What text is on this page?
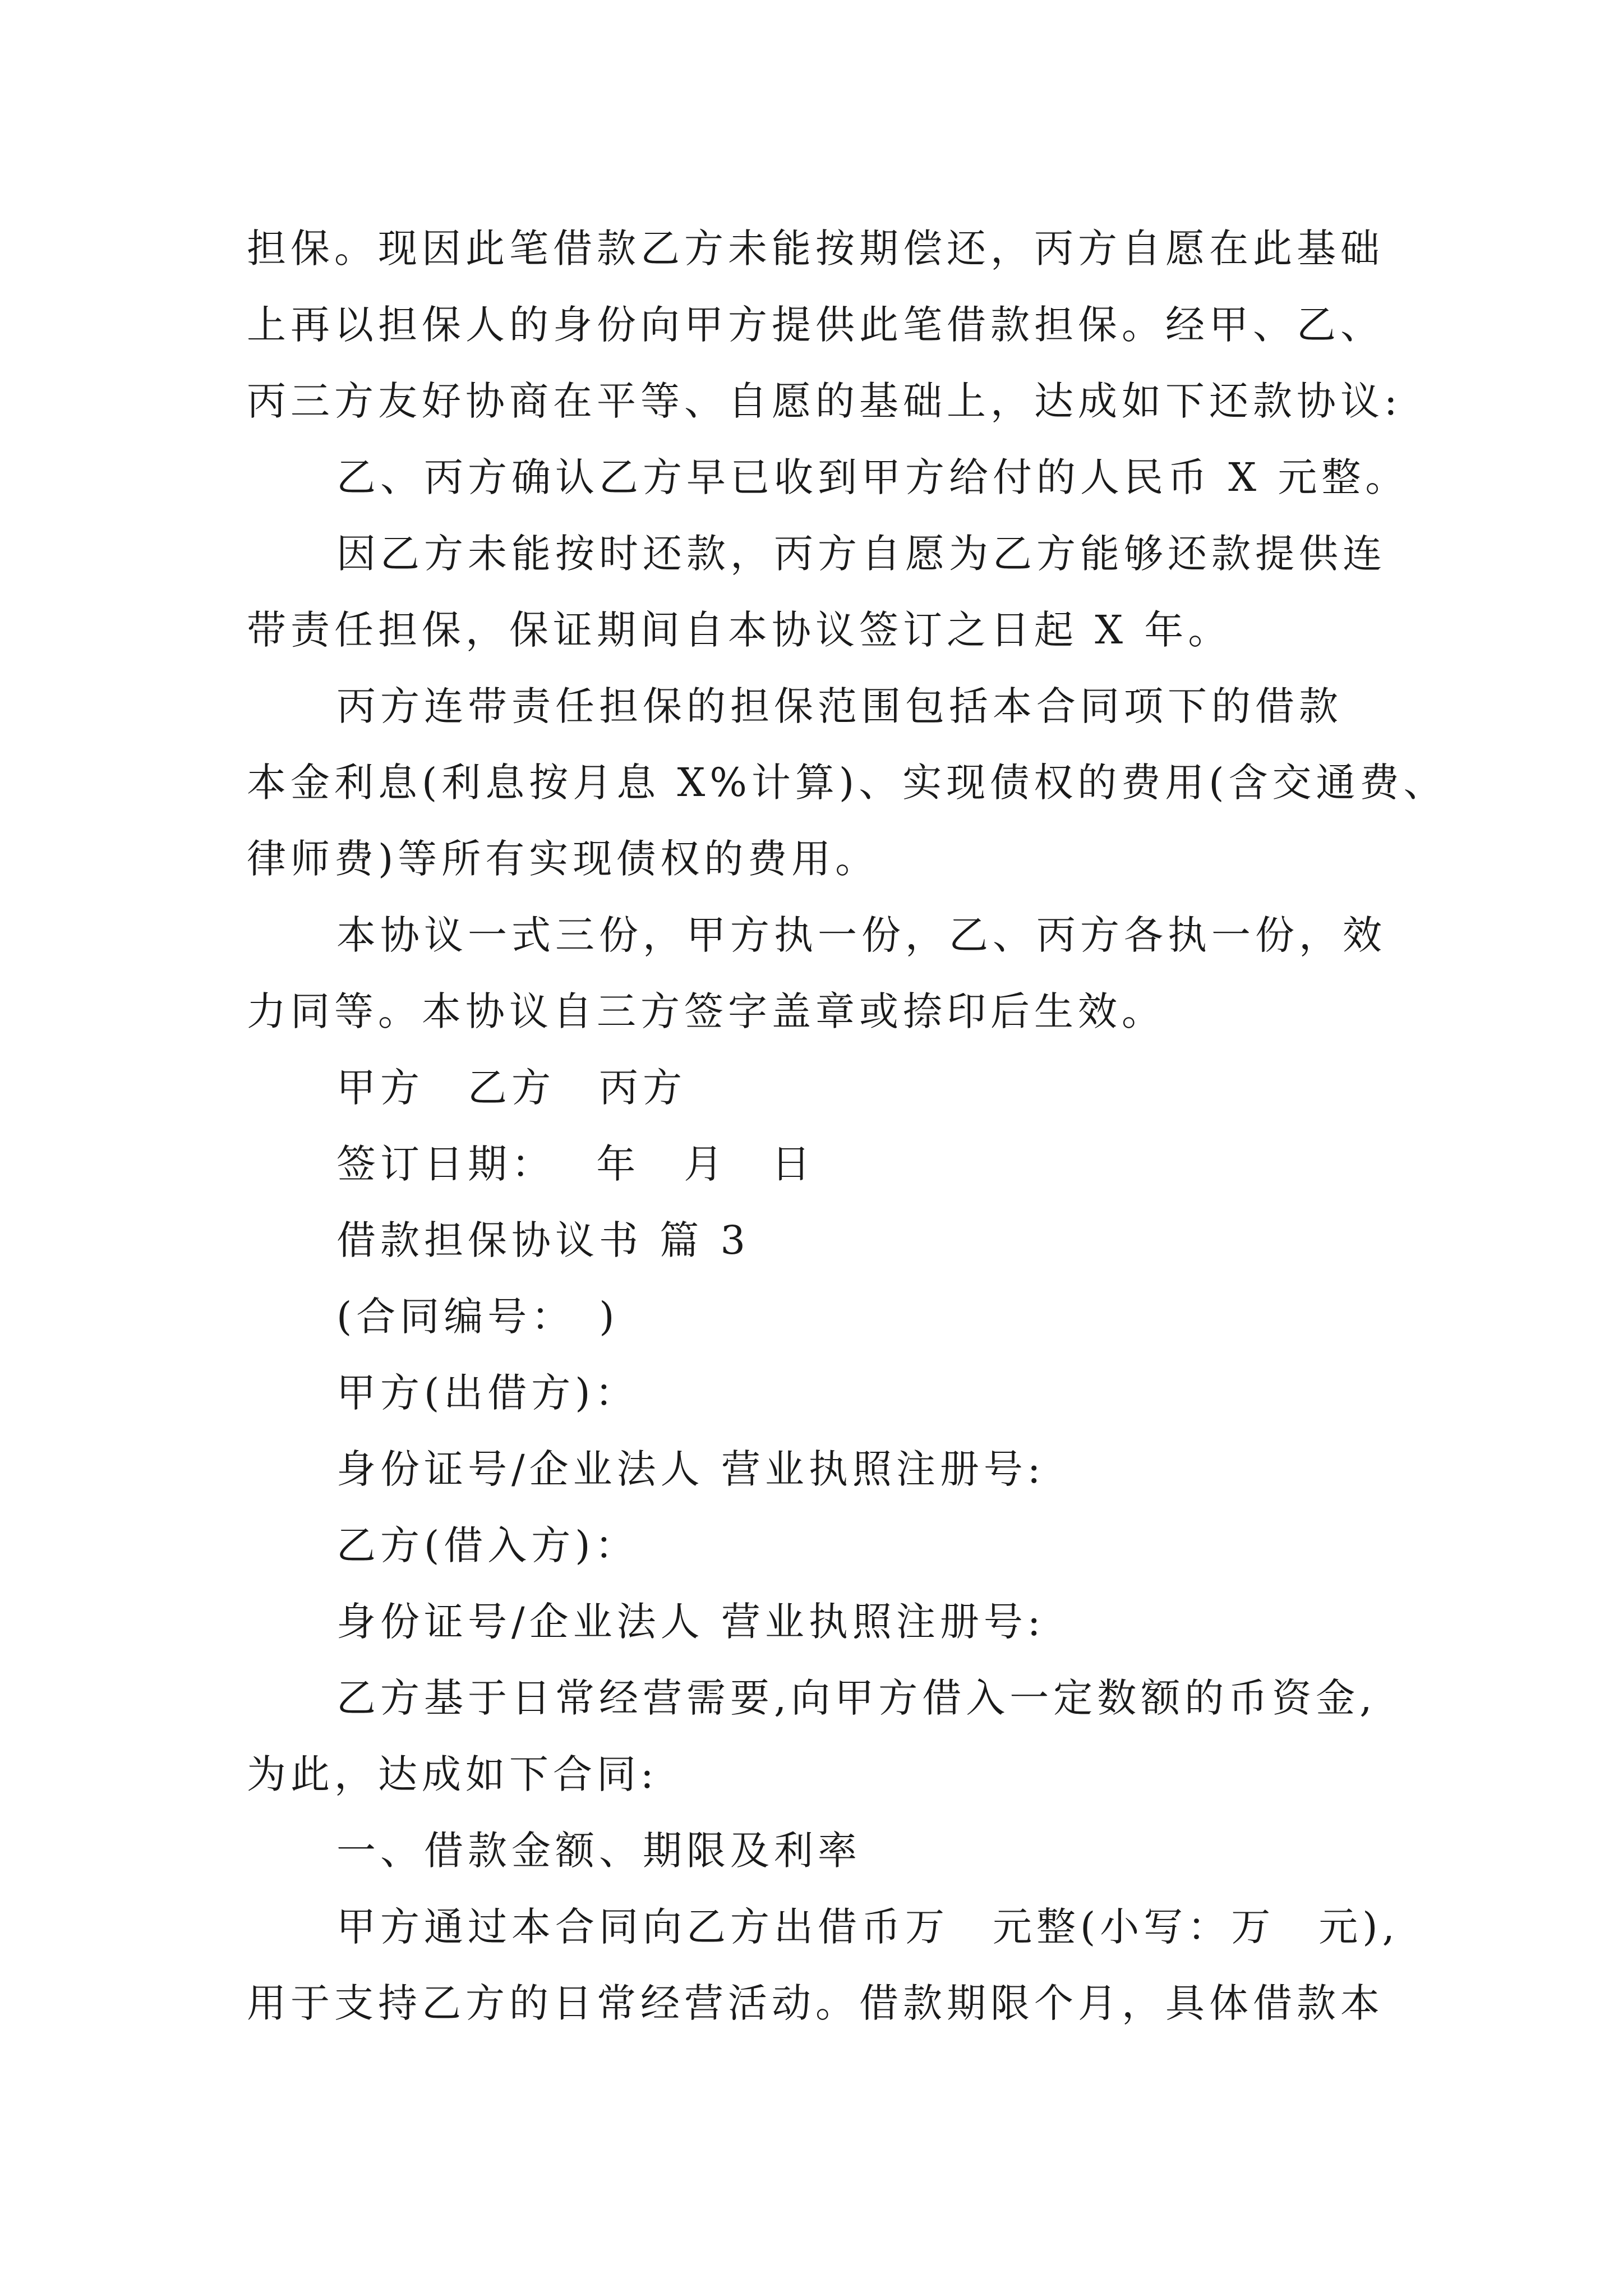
担保。现因此笔借款乙方未能按期偿还，丙方自愿在此基础
上再以担保人的身份向甲方提供此笔借款担保。经甲、乙、
丙三方友好协商在平等、自愿的基础上，达成如下还款协议:
乙、丙方确认乙方早已收到甲方给付的人民币 X 元整。
因乙方未能按时还款，丙方自愿为乙方能够还款提供连
带责任担保，保证期间自本协议签订之日起 X 年。
丙方连带责任担保的担保范围包括本合同项下的借款
本金利息(利息按月息 X%计算)、实现债权的费用(含交通费、
律师费)等所有实现债权的费用。
本协议一式三份，甲方执一份，乙、丙方各执一份，效
力同等。本协议自三方签字盖章或捺印后生效。
甲方　乙方　丙方
签订日期：　 年　月　日
借款担保协议书 篇 3
(合同编号：　)
甲方(出借方)：
身份证号/企业法人 营业执照注册号:
乙方(借入方)：
身份证号/企业法人 营业执照注册号:
乙方基于日常经营需要,向甲方借入一定数额的币资金,
为此，达成如下合同:
一、借款金额、期限及利率
甲方通过本合同向乙方出借币万　元整(小写：万　元),
用于支持乙方的日常经营活动。借款期限个月，具体借款本
